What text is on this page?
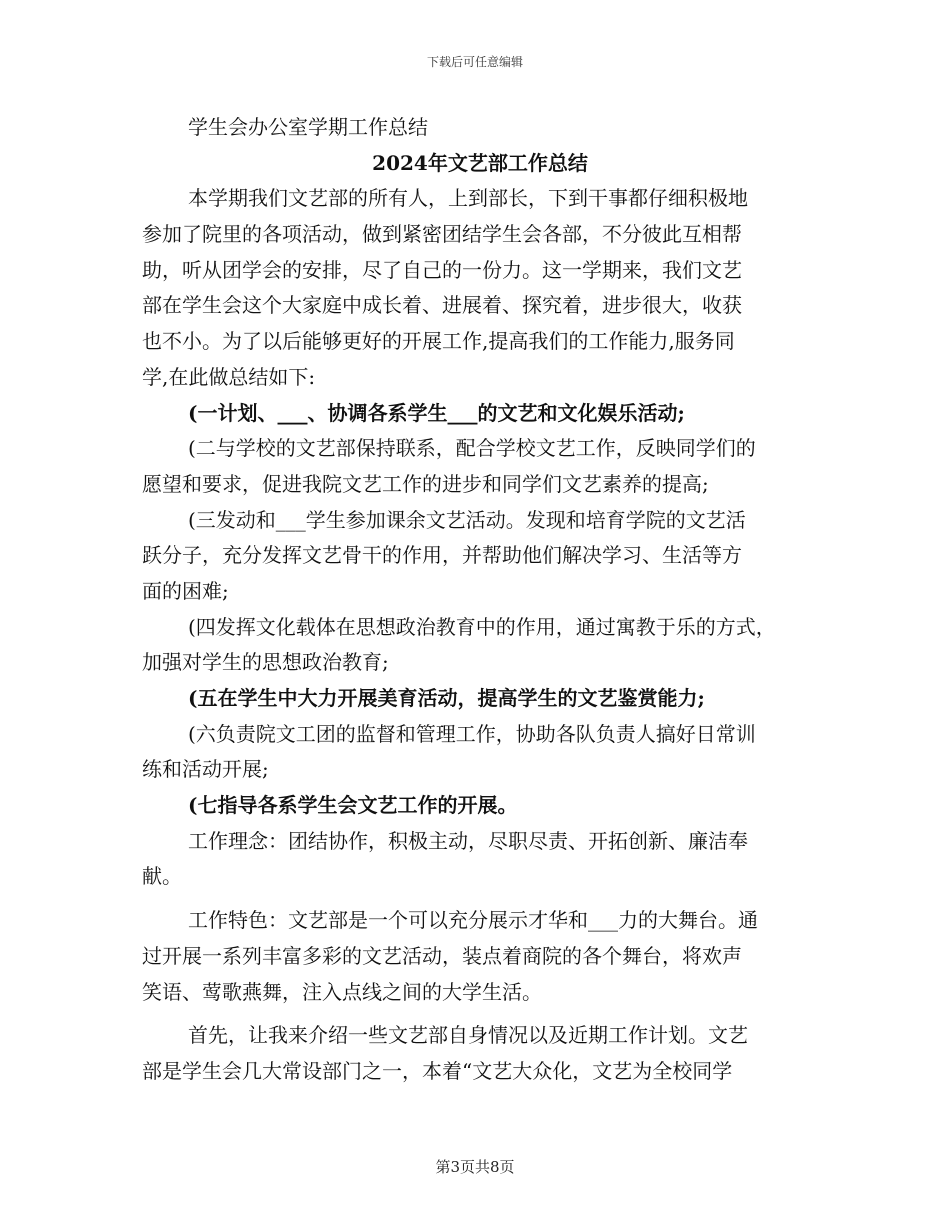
下载后可任意编辑
学生会办公室学期工作总结
2024年文艺部工作总结
本学期我们文艺部的所有人，上到部长，下到干事都仔细积极地
参加了院里的各项活动，做到紧密团结学生会各部，不分彼此互相帮
助，听从团学会的安排，尽了自己的一份力。这一学期来，我们文艺
部在学生会这个大家庭中成长着、进展着、探究着，进步很大，收获
也不小。为了以后能够更好的开展工作,提高我们的工作能力,服务同
学,在此做总结如下:
(一计划、___、协调各系学生___的文艺和文化娱乐活动;
(二与学校的文艺部保持联系，配合学校文艺工作，反映同学们的
愿望和要求，促进我院文艺工作的进步和同学们文艺素养的提高;
(三发动和___学生参加课余文艺活动。发现和培育学院的文艺活
跃分子，充分发挥文艺骨干的作用，并帮助他们解决学习、生活等方
面的困难;
(四发挥文化载体在思想政治教育中的作用，通过寓教于乐的方式，
加强对学生的思想政治教育;
(五在学生中大力开展美育活动，提高学生的文艺鉴赏能力;
(六负责院文工团的监督和管理工作，协助各队负责人搞好日常训
练和活动开展;
(七指导各系学生会文艺工作的开展。
工作理念：团结协作，积极主动，尽职尽责、开拓创新、廉洁奉
献。
工作特色：文艺部是一个可以充分展示才华和___力的大舞台。通
过开展一系列丰富多彩的文艺活动，装点着商院的各个舞台，将欢声
笑语、莺歌燕舞，注入点线之间的大学生活。
首先，让我来介绍一些文艺部自身情况以及近期工作计划。文艺
部是学生会几大常设部门之一，本着“文艺大众化，文艺为全校同学
第3页共8页
